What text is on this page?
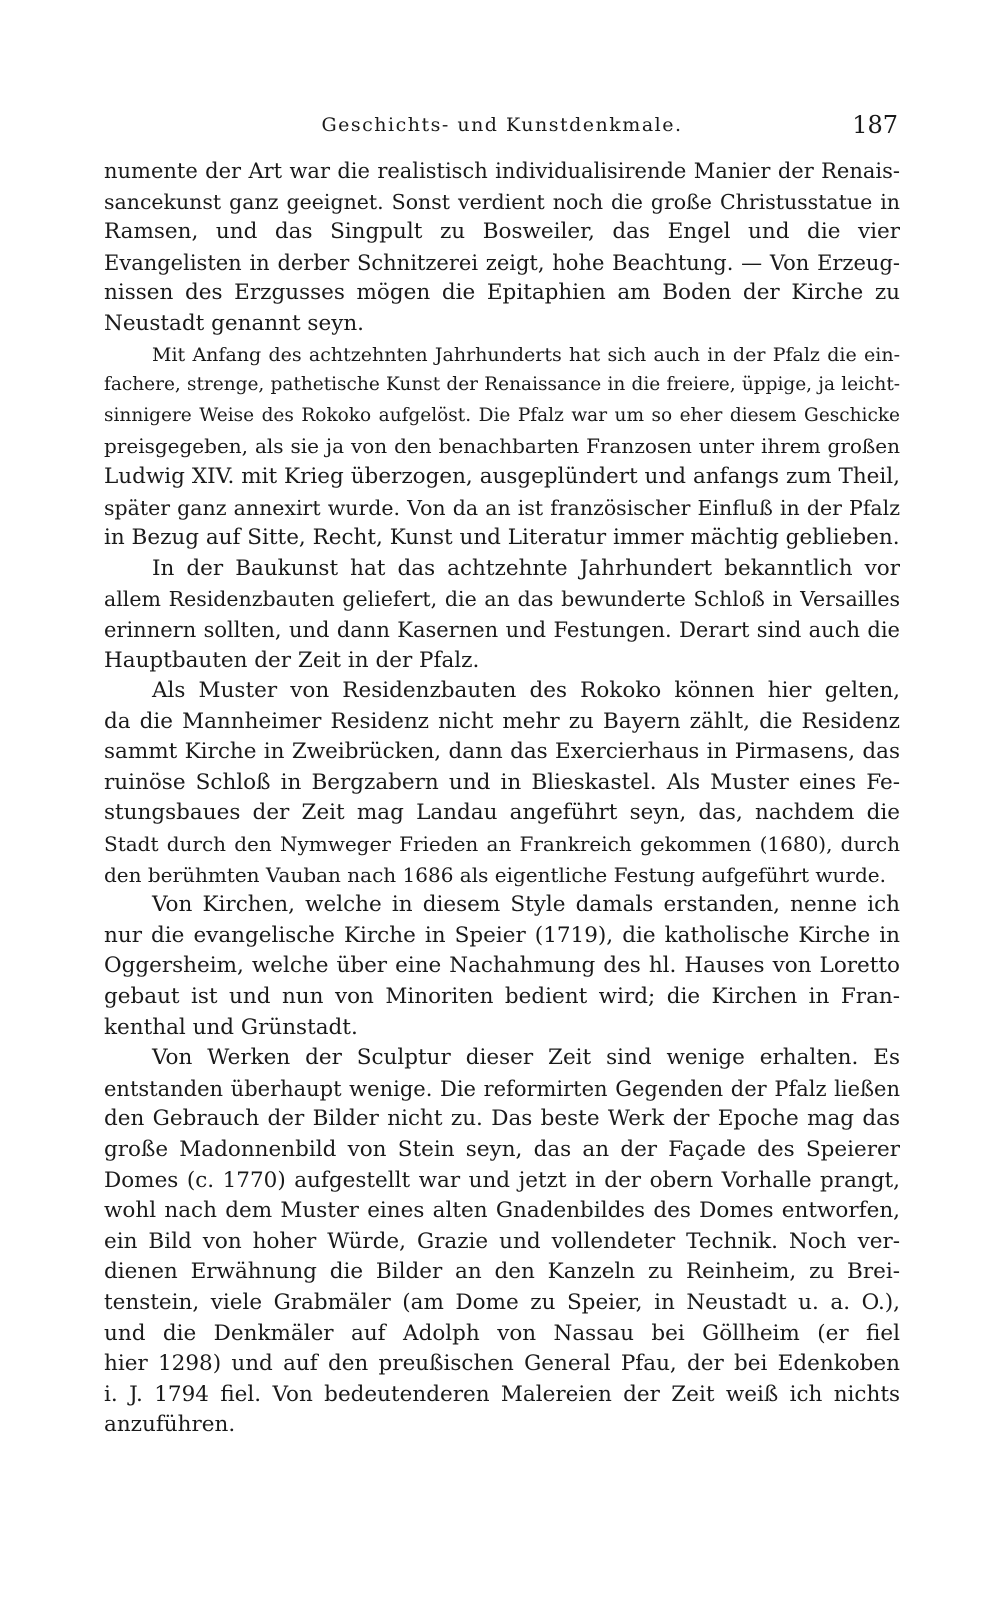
Geschichts- und Kunstdenkmale.	187
numente der Art war die realistisch individualisirende Manier der Renais-
sancekunst ganz geeignet. Sonst verdient noch die große Christusstatue in
Ramsen, und das Singpult zu Bosweiler, das Engel und die vier
Evangelisten in derber Schnitzerei zeigt, hohe Beachtung. — Von Erzeug-
nissen des Erzgusses mögen die Epitaphien am Boden der Kirche zu
Neustadt genannt seyn.
Mit Anfang des achtzehnten Jahrhunderts hat sich auch in der Pfalz die ein-
fachere, strenge, pathetische Kunst der Renaissance in die freiere, üppige, ja leicht-
sinnigere Weise des Rokoko aufgelöst. Die Pfalz war um so eher diesem Geschicke
preisgegeben, als sie ja von den benachbarten Franzosen unter ihrem großen
Ludwig XIV. mit Krieg überzogen, ausgeplündert und anfangs zum Theil,
später ganz annexirt wurde. Von da an ist französischer Einfluß in der Pfalz
in Bezug auf Sitte, Recht, Kunst und Literatur immer mächtig geblieben.
In der Baukunst hat das achtzehnte Jahrhundert bekanntlich vor
allem Residenzbauten geliefert, die an das bewunderte Schloß in Versailles
erinnern sollten, und dann Kasernen und Festungen. Derart sind auch die
Hauptbauten der Zeit in der Pfalz.
Als Muster von Residenzbauten des Rokoko können hier gelten,
da die Mannheimer Residenz nicht mehr zu Bayern zählt, die Residenz
sammt Kirche in Zweibrücken, dann das Exercierhaus in Pirmasens, das
ruinöse Schloß in Bergzabern und in Blieskastel. Als Muster eines Fe-
stungsbaues der Zeit mag Landau angeführt seyn, das, nachdem die
Stadt durch den Nymweger Frieden an Frankreich gekommen (1680), durch
den berühmten Vauban nach 1686 als eigentliche Festung aufgeführt wurde.
Von Kirchen, welche in diesem Style damals erstanden, nenne ich
nur die evangelische Kirche in Speier (1719), die katholische Kirche in
Oggersheim, welche über eine Nachahmung des hl. Hauses von Loretto
gebaut ist und nun von Minoriten bedient wird; die Kirchen in Fran-
kenthal und Grünstadt.
Von Werken der Sculptur dieser Zeit sind wenige erhalten. Es
entstanden überhaupt wenige. Die reformirten Gegenden der Pfalz ließen
den Gebrauch der Bilder nicht zu. Das beste Werk der Epoche mag das
große Madonnenbild von Stein seyn, das an der Façade des Speierer
Domes (c. 1770) aufgestellt war und jetzt in der obern Vorhalle prangt,
wohl nach dem Muster eines alten Gnadenbildes des Domes entworfen,
ein Bild von hoher Würde, Grazie und vollendeter Technik. Noch ver-
dienen Erwähnung die Bilder an den Kanzeln zu Reinheim, zu Brei-
tenstein, viele Grabmäler (am Dome zu Speier, in Neustadt u. a. O.),
und die Denkmäler auf Adolph von Nassau bei Göllheim (er fiel
hier 1298) und auf den preußischen General Pfau, der bei Edenkoben
i. J. 1794 fiel. Von bedeutenderen Malereien der Zeit weiß ich nichts
anzuführen.
